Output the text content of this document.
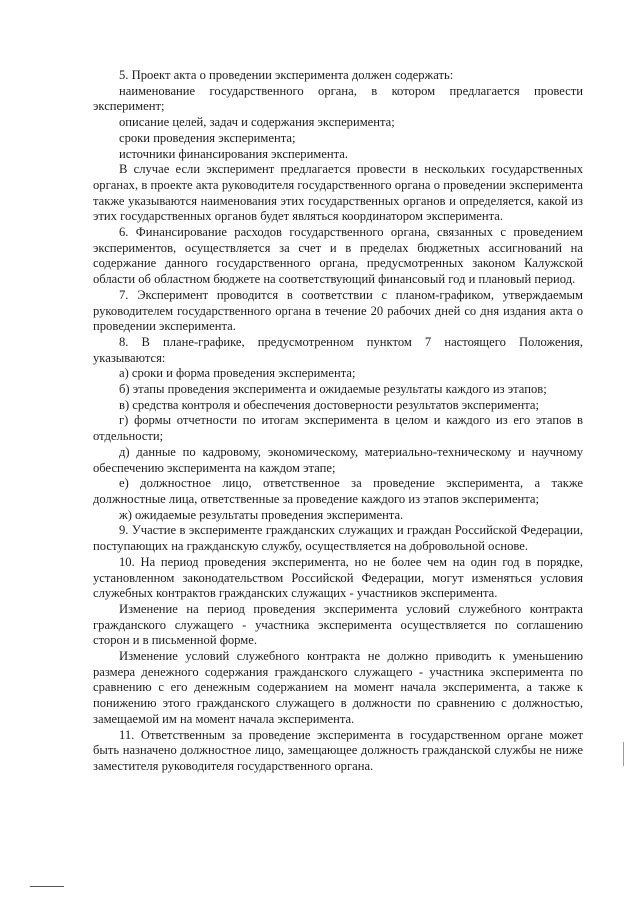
5. Проект акта о проведении эксперимента должен содержать:

наименование государственного органа, в котором предлагается провести эксперимент;

описание целей, задач и содержания эксперимента;

сроки проведения эксперимента;

источники финансирования эксперимента.

В случае если эксперимент предлагается провести в нескольких государственных органах, в проекте акта руководителя государственного органа о проведении эксперимента также указываются наименования этих государственных органов и определяется, какой из этих государственных органов будет являться координатором эксперимента.

6. Финансирование расходов государственного органа, связанных с проведением экспериментов, осуществляется за счет и в пределах бюджетных ассигнований на содержание данного государственного органа, предусмотренных законом Калужской области об областном бюджете на соответствующий финансовый год и плановый период.

7. Эксперимент проводится в соответствии с планом-графиком, утверждаемым руководителем государственного органа в течение 20 рабочих дней со дня издания акта о проведении эксперимента.

8. В плане-графике, предусмотренном пунктом 7 настоящего Положения, указываются:

а) сроки и форма проведения эксперимента;

б) этапы проведения эксперимента и ожидаемые результаты каждого из этапов;

в) средства контроля и обеспечения достоверности результатов эксперимента;

г) формы отчетности по итогам эксперимента в целом и каждого из его этапов в отдельности;

д) данные по кадровому, экономическому, материально-техническому и научному обеспечению эксперимента на каждом этапе;

е) должностное лицо, ответственное за проведение эксперимента, а также должностные лица, ответственные за проведение каждого из этапов эксперимента;

ж) ожидаемые результаты проведения эксперимента.

9. Участие в эксперименте гражданских служащих и граждан Российской Федерации, поступающих на гражданскую службу, осуществляется на добровольной основе.

10. На период проведения эксперимента, но не более чем на один год в порядке, установленном законодательством Российской Федерации, могут изменяться условия служебных контрактов гражданских служащих - участников эксперимента.

Изменение на период проведения эксперимента условий служебного контракта гражданского служащего - участника эксперимента осуществляется по соглашению сторон и в письменной форме.

Изменение условий служебного контракта не должно приводить к уменьшению размера денежного содержания гражданского служащего - участника эксперимента по сравнению с его денежным содержанием на момент начала эксперимента, а также к понижению этого гражданского служащего в должности по сравнению с должностью, замещаемой им на момент начала эксперимента.

11. Ответственным за проведение эксперимента в государственном органе может быть назначено должностное лицо, замещающее должность гражданской службы не ниже заместителя руководителя государственного органа.
